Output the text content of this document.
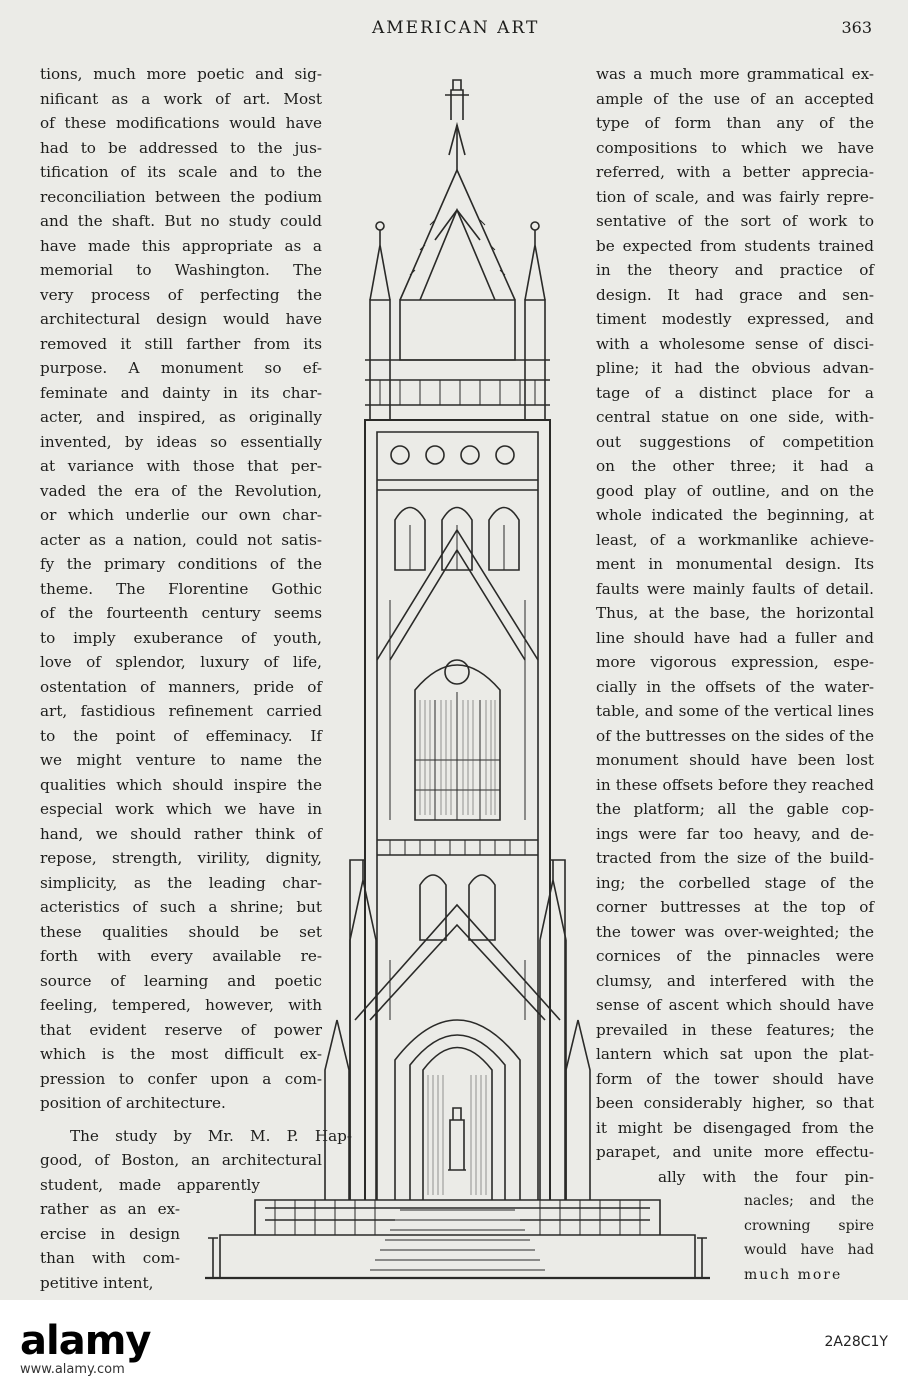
AMERICAN ART	363
tions, much more poetic and sig-
nificant as a work of art. Most
of these modifications would have
had to be addressed to the jus-
tification of its scale and to the
reconciliation between the podium
and the shaft. But no study could
have made this appropriate as a
memorial to Washington. The
very process of perfecting the
architectural design would have
removed it still farther from its
purpose. A monument so ef-
feminate and dainty in its char-
acter, and inspired, as originally
invented, by ideas so essentially
at variance with those that per-
vaded the era of the Revolution,
or which underlie our own char-
acter as a nation, could not satis-
fy the primary conditions of the
theme. The Florentine Gothic
of the fourteenth century seems
to imply exuberance of youth,
love of splendor, luxury of life,
ostentation of manners, pride of
art, fastidious refinement carried
to the point of effeminacy. If
we might venture to name the
qualities which should inspire the
especial work which we have in
hand, we should rather think of
repose, strength, virility, dignity,
simplicity, as the leading char-
acteristics of such a shrine; but
these qualities should be set
forth with every available re-
source of learning and poetic
feeling, tempered, however, with
that evident reserve of power
which is the most difficult ex-
pression to confer upon a com-
position of architecture.
The study by Mr. M. P. Hap-
good, of Boston, an architectural
student, made apparently
rather as an ex-
ercise in design
than with com-
petitive intent,
was a much more grammatical ex-
ample of the use of an accepted
type of form than any of the
compositions to which we have
referred, with a better apprecia-
tion of scale, and was fairly repre-
sentative of the sort of work to
be expected from students trained
in the theory and practice of
design. It had grace and sen-
timent modestly expressed, and
with a wholesome sense of disci-
pline; it had the obvious advan-
tage of a distinct place for a
central statue on one side, with-
out suggestions of competition
on the other three; it had a
good play of outline, and on the
whole indicated the beginning, at
least, of a workmanlike achieve-
ment in monumental design. Its
faults were mainly faults of detail.
Thus, at the base, the horizontal
line should have had a fuller and
more vigorous expression, espe-
cially in the offsets of the water-
table, and some of the vertical lines
of the buttresses on the sides of the
monument should have been lost
in these offsets before they reached
the platform; all the gable cop-
ings were far too heavy, and de-
tracted from the size of the build-
ing; the corbelled stage of the
corner buttresses at the top of
the tower was over-weighted; the
cornices of the pinnacles were
clumsy, and interfered with the
sense of ascent which should have
prevailed in these features; the
lantern which sat upon the plat-
form of the tower should have
been considerably higher, so that
it might be disengaged from the
parapet, and unite more effectu-
ally with the four pin-
nacles; and the
crowning spire
would have had
much more
alamy	2A28C1Y
www.alamy.com
